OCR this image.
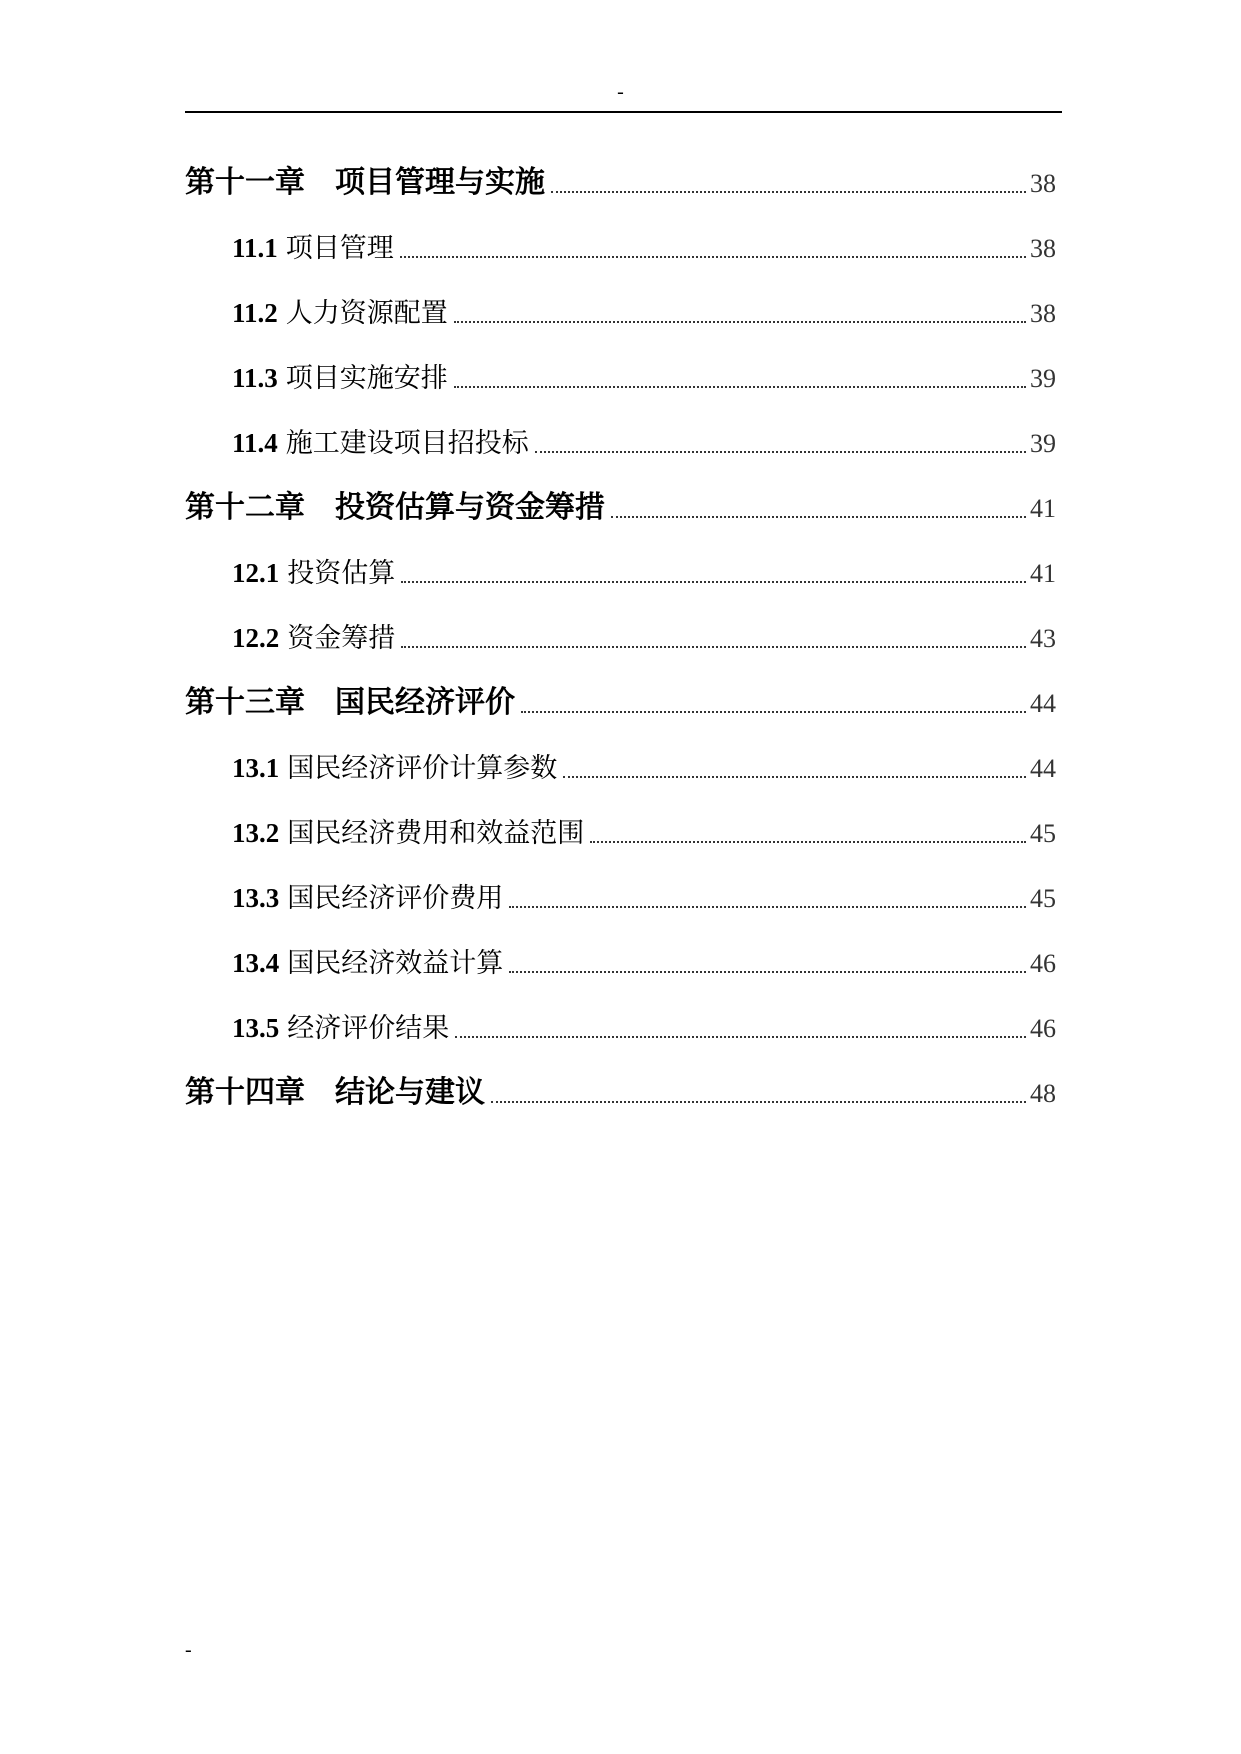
-
第十一章 项目管理与实施	38
11.1 项目管理	38
11.2 人力资源配置	38
11.3 项目实施安排	39
11.4 施工建设项目招投标	39
第十二章 投资估算与资金筹措	41
12.1 投资估算	41
12.2 资金筹措	43
第十三章 国民经济评价	44
13.1 国民经济评价计算参数	44
13.2 国民经济费用和效益范围	45
13.3 国民经济评价费用	45
13.4 国民经济效益计算	46
13.5 经济评价结果	46
第十四章 结论与建议	48
-
